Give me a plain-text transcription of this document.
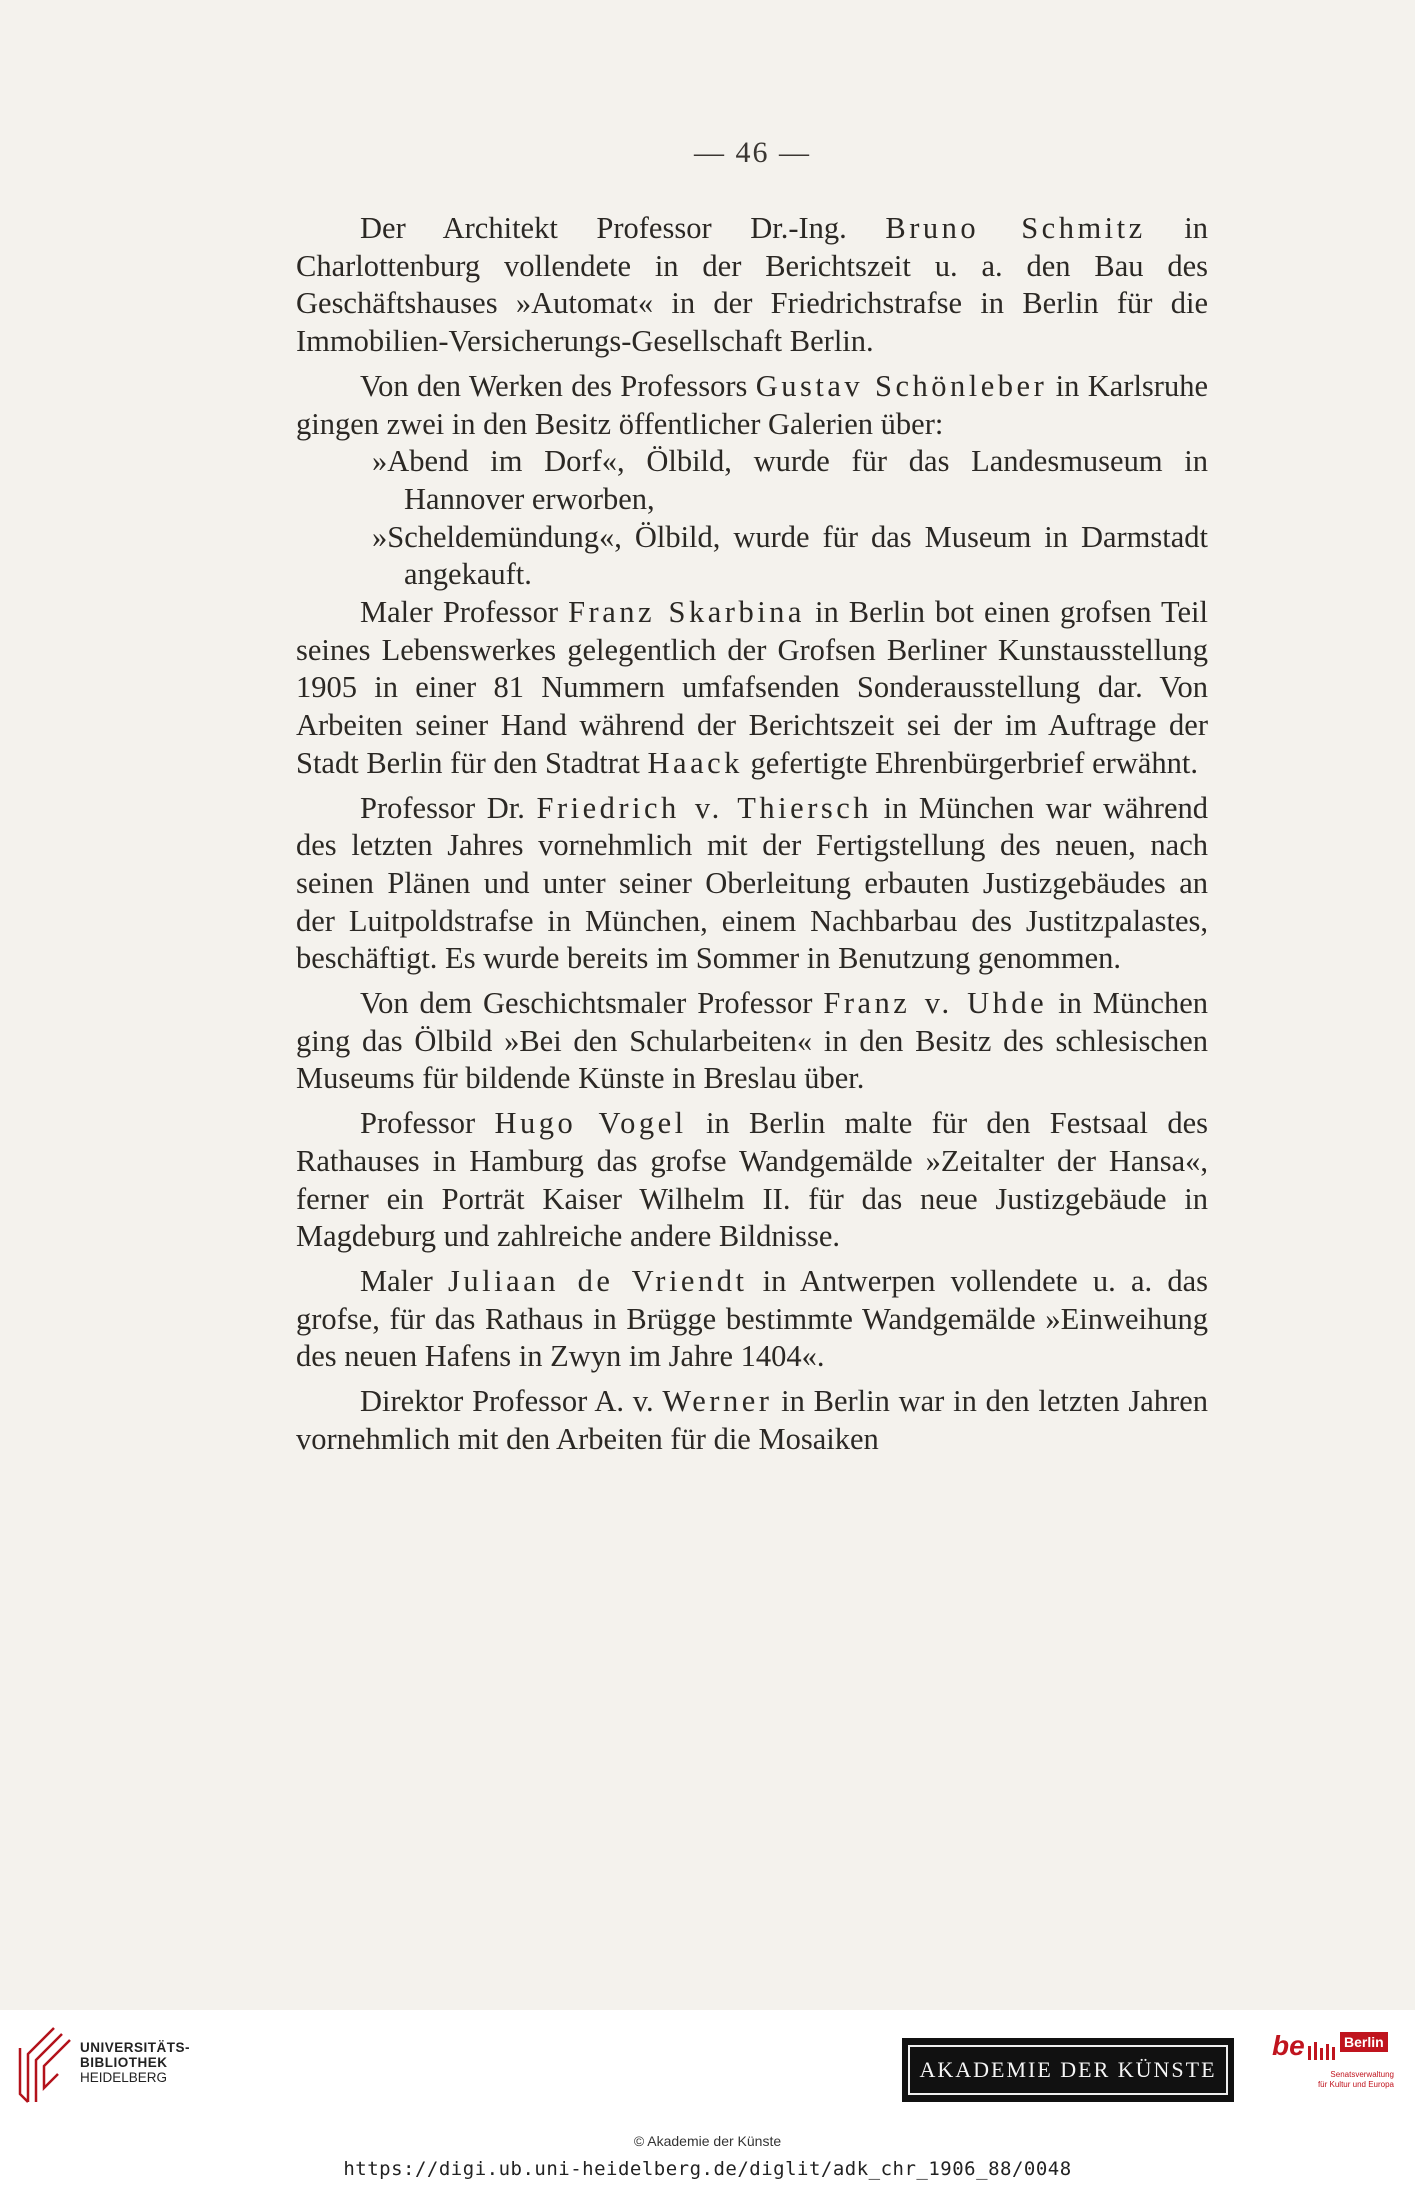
— 46 —

Der Architekt Professor Dr.-Ing. Bruno Schmitz in Charlottenburg vollendete in der Berichtszeit u. a. den Bau des Geschäftshauses »Automat« in der Friedrichstrafse in Berlin für die Immobilien-Versicherungs-Gesellschaft Berlin.

Von den Werken des Professors Gustav Schönleber in Karlsruhe gingen zwei in den Besitz öffentlicher Galerien über:

»Abend im Dorf«, Ölbild, wurde für das Landesmuseum in Hannover erworben,

»Scheldemündung«, Ölbild, wurde für das Museum in Darmstadt angekauft.

Maler Professor Franz Skarbina in Berlin bot einen grofsen Teil seines Lebenswerkes gelegentlich der Grofsen Berliner Kunstausstellung 1905 in einer 81 Nummern umfafsenden Sonderausstellung dar. Von Arbeiten seiner Hand während der Berichtszeit sei der im Auftrage der Stadt Berlin für den Stadtrat Haack gefertigte Ehrenbürgerbrief erwähnt.

Professor Dr. Friedrich v. Thiersch in München war während des letzten Jahres vornehmlich mit der Fertigstellung des neuen, nach seinen Plänen und unter seiner Oberleitung erbauten Justizgebäudes an der Luitpoldstrafse in München, einem Nachbarbau des Justitzpalastes, beschäftigt. Es wurde bereits im Sommer in Benutzung genommen.

Von dem Geschichtsmaler Professor Franz v. Uhde in München ging das Ölbild »Bei den Schularbeiten« in den Besitz des schlesischen Museums für bildende Künste in Breslau über.

Professor Hugo Vogel in Berlin malte für den Festsaal des Rathauses in Hamburg das grofse Wandgemälde »Zeitalter der Hansa«, ferner ein Porträt Kaiser Wilhelm II. für das neue Justizgebäude in Magdeburg und zahlreiche andere Bildnisse.

Maler Juliaan de Vriendt in Antwerpen vollendete u. a. das grofse, für das Rathaus in Brügge bestimmte Wandgemälde »Einweihung des neuen Hafens in Zwyn im Jahre 1404«.

Direktor Professor A. v. Werner in Berlin war in den letzten Jahren vornehmlich mit den Arbeiten für die Mosaiken

UNIVERSITÄTS-
BIBLIOTHEK
HEIDELBERG	AKADEMIE DER KÜNSTE
be	Berlin
Senatsverwaltung
für Kultur und Europa
© Akademie der Künste
https://digi.ub.uni-heidelberg.de/diglit/adk_chr_1906_88/0048
